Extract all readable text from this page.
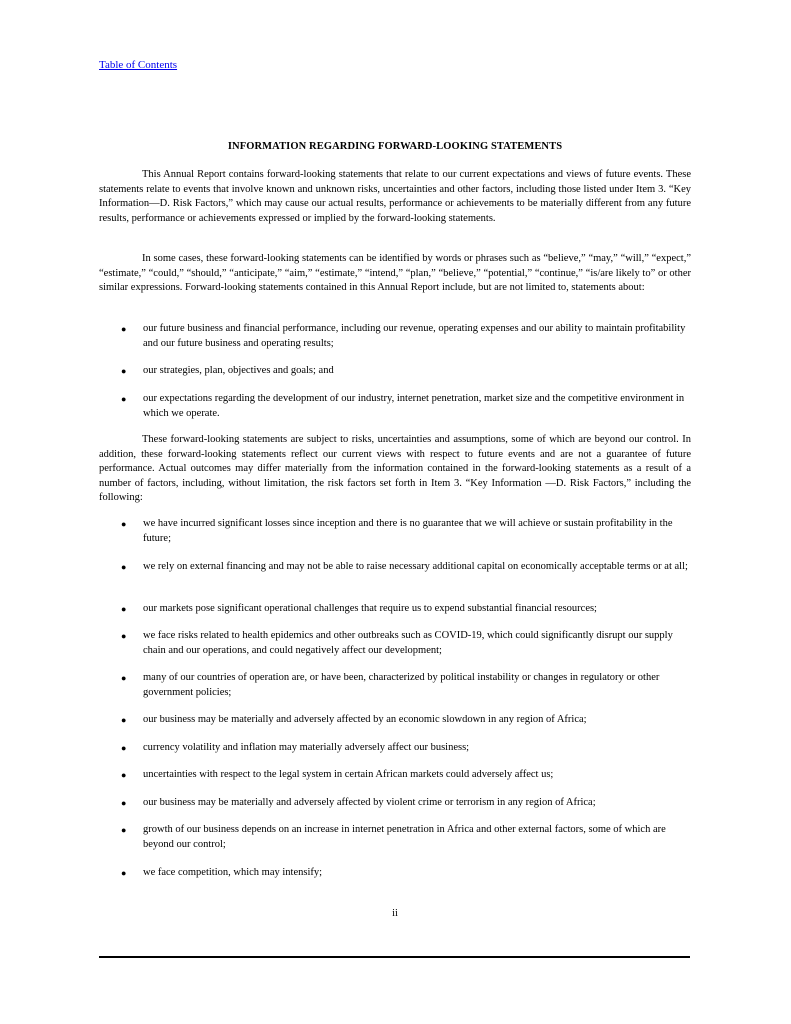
Table of Contents
INFORMATION REGARDING FORWARD-LOOKING STATEMENTS

This Annual Report contains forward-looking statements that relate to our current expectations and views of future events. These statements relate to events that involve known and unknown risks, uncertainties and other factors, including those listed under Item 3. “Key Information—D. Risk Factors,” which may cause our actual results, performance or achievements to be materially different from any future results, performance or achievements expressed or implied by the forward-looking statements.

In some cases, these forward-looking statements can be identified by words or phrases such as “believe,” “may,” “will,” “expect,” “estimate,” “could,” “should,” “anticipate,” “aim,” “estimate,” “intend,” “plan,” “believe,” “potential,” “continue,” “is/are likely to” or other similar expressions. Forward-looking statements contained in this Annual Report include, but are not limited to, statements about:

● our future business and financial performance, including our revenue, operating expenses and our ability to maintain profitability and our future business and operating results;
● our strategies, plan, objectives and goals; and
● our expectations regarding the development of our industry, internet penetration, market size and the competitive environment in which we operate.

These forward-looking statements are subject to risks, uncertainties and assumptions, some of which are beyond our control. In addition, these forward-looking statements reflect our current views with respect to future events and are not a guarantee of future performance. Actual outcomes may differ materially from the information contained in the forward-looking statements as a result of a number of factors, including, without limitation, the risk factors set forth in Item 3. “Key Information —D. Risk Factors,” including the following:

● we have incurred significant losses since inception and there is no guarantee that we will achieve or sustain profitability in the future;
● we rely on external financing and may not be able to raise necessary additional capital on economically acceptable terms or at all;
● our markets pose significant operational challenges that require us to expend substantial financial resources;
● we face risks related to health epidemics and other outbreaks such as COVID-19, which could significantly disrupt our supply chain and our operations, and could negatively affect our development;
● many of our countries of operation are, or have been, characterized by political instability or changes in regulatory or other government policies;
● our business may be materially and adversely affected by an economic slowdown in any region of Africa;
● currency volatility and inflation may materially adversely affect our business;
● uncertainties with respect to the legal system in certain African markets could adversely affect us;
● our business may be materially and adversely affected by violent crime or terrorism in any region of Africa;
● growth of our business depends on an increase in internet penetration in Africa and other external factors, some of which are beyond our control;
● we face competition, which may intensify;
ii
